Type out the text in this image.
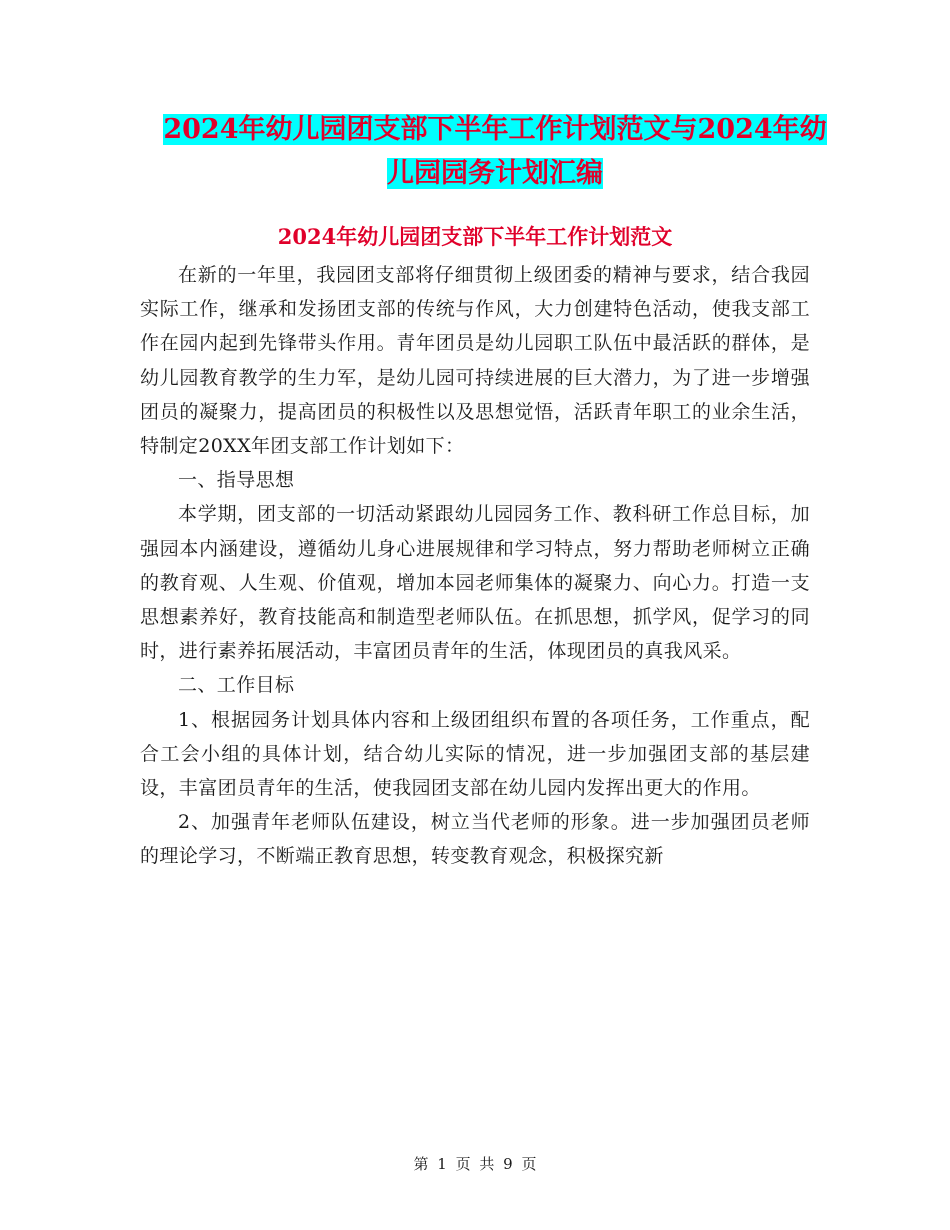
2024年幼儿园团支部下半年工作计划范文与2024年幼
儿园园务计划汇编
2024年幼儿园团支部下半年工作计划范文

在新的一年里，我园团支部将仔细贯彻上级团委的精神与要求，结合我园实际工作，继承和发扬团支部的传统与作风，大力创建特色活动，使我支部工作在园内起到先锋带头作用。青年团员是幼儿园职工队伍中最活跃的群体，是幼儿园教育教学的生力军，是幼儿园可持续进展的巨大潜力，为了进一步增强团员的凝聚力，提高团员的积极性以及思想觉悟，活跃青年职工的业余生活，特制定20XX年团支部工作计划如下：

一、指导思想

本学期，团支部的一切活动紧跟幼儿园园务工作、教科研工作总目标，加强园本内涵建设，遵循幼儿身心进展规律和学习特点，努力帮助老师树立正确的教育观、人生观、价值观，增加本园老师集体的凝聚力、向心力。打造一支思想素养好，教育技能高和制造型老师队伍。在抓思想，抓学风，促学习的同时，进行素养拓展活动，丰富团员青年的生活，体现团员的真我风采。

二、工作目标

1、根据园务计划具体内容和上级团组织布置的各项任务，工作重点，配合工会小组的具体计划，结合幼儿实际的情况，进一步加强团支部的基层建设，丰富团员青年的生活，使我园团支部在幼儿园内发挥出更大的作用。

2、加强青年老师队伍建设，树立当代老师的形象。进一步加强团员老师的理论学习，不断端正教育思想，转变教育观念，积极探究新

第 1 页 共 9 页
